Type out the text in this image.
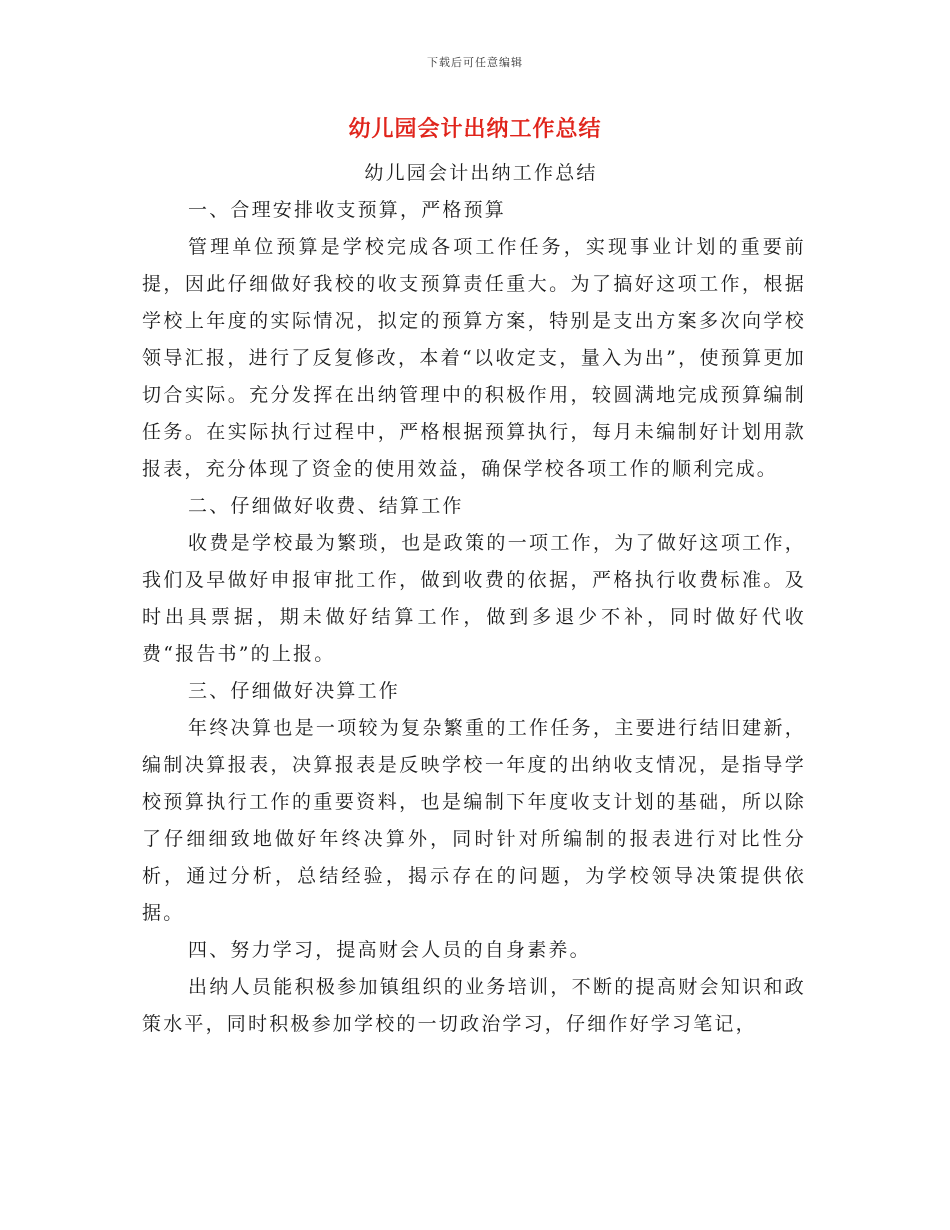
下载后可任意编辑
幼儿园会计出纳工作总结

幼儿园会计出纳工作总结

一、合理安排收支预算，严格预算

管理单位预算是学校完成各项工作任务，实现事业计划的重要前提，因此仔细做好我校的收支预算责任重大。为了搞好这项工作，根据学校上年度的实际情况，拟定的预算方案，特别是支出方案多次向学校领导汇报，进行了反复修改，本着“以收定支，量入为出”，使预算更加切合实际。充分发挥在出纳管理中的积极作用，较圆满地完成预算编制任务。在实际执行过程中，严格根据预算执行，每月未编制好计划用款报表，充分体现了资金的使用效益，确保学校各项工作的顺利完成。

二、仔细做好收费、结算工作

收费是学校最为繁琐，也是政策的一项工作，为了做好这项工作，我们及早做好申报审批工作，做到收费的依据，严格执行收费标准。及时出具票据，期未做好结算工作，做到多退少不补，同时做好代收费“报告书”的上报。

三、仔细做好决算工作

年终决算也是一项较为复杂繁重的工作任务，主要进行结旧建新，编制决算报表，决算报表是反映学校一年度的出纳收支情况，是指导学校预算执行工作的重要资料，也是编制下年度收支计划的基础，所以除了仔细细致地做好年终决算外，同时针对所编制的报表进行对比性分析，通过分析，总结经验，揭示存在的问题，为学校领导决策提供依据。

四、努力学习，提高财会人员的自身素养。

出纳人员能积极参加镇组织的业务培训，不断的提高财会知识和政策水平，同时积极参加学校的一切政治学习，仔细作好学习笔记，
